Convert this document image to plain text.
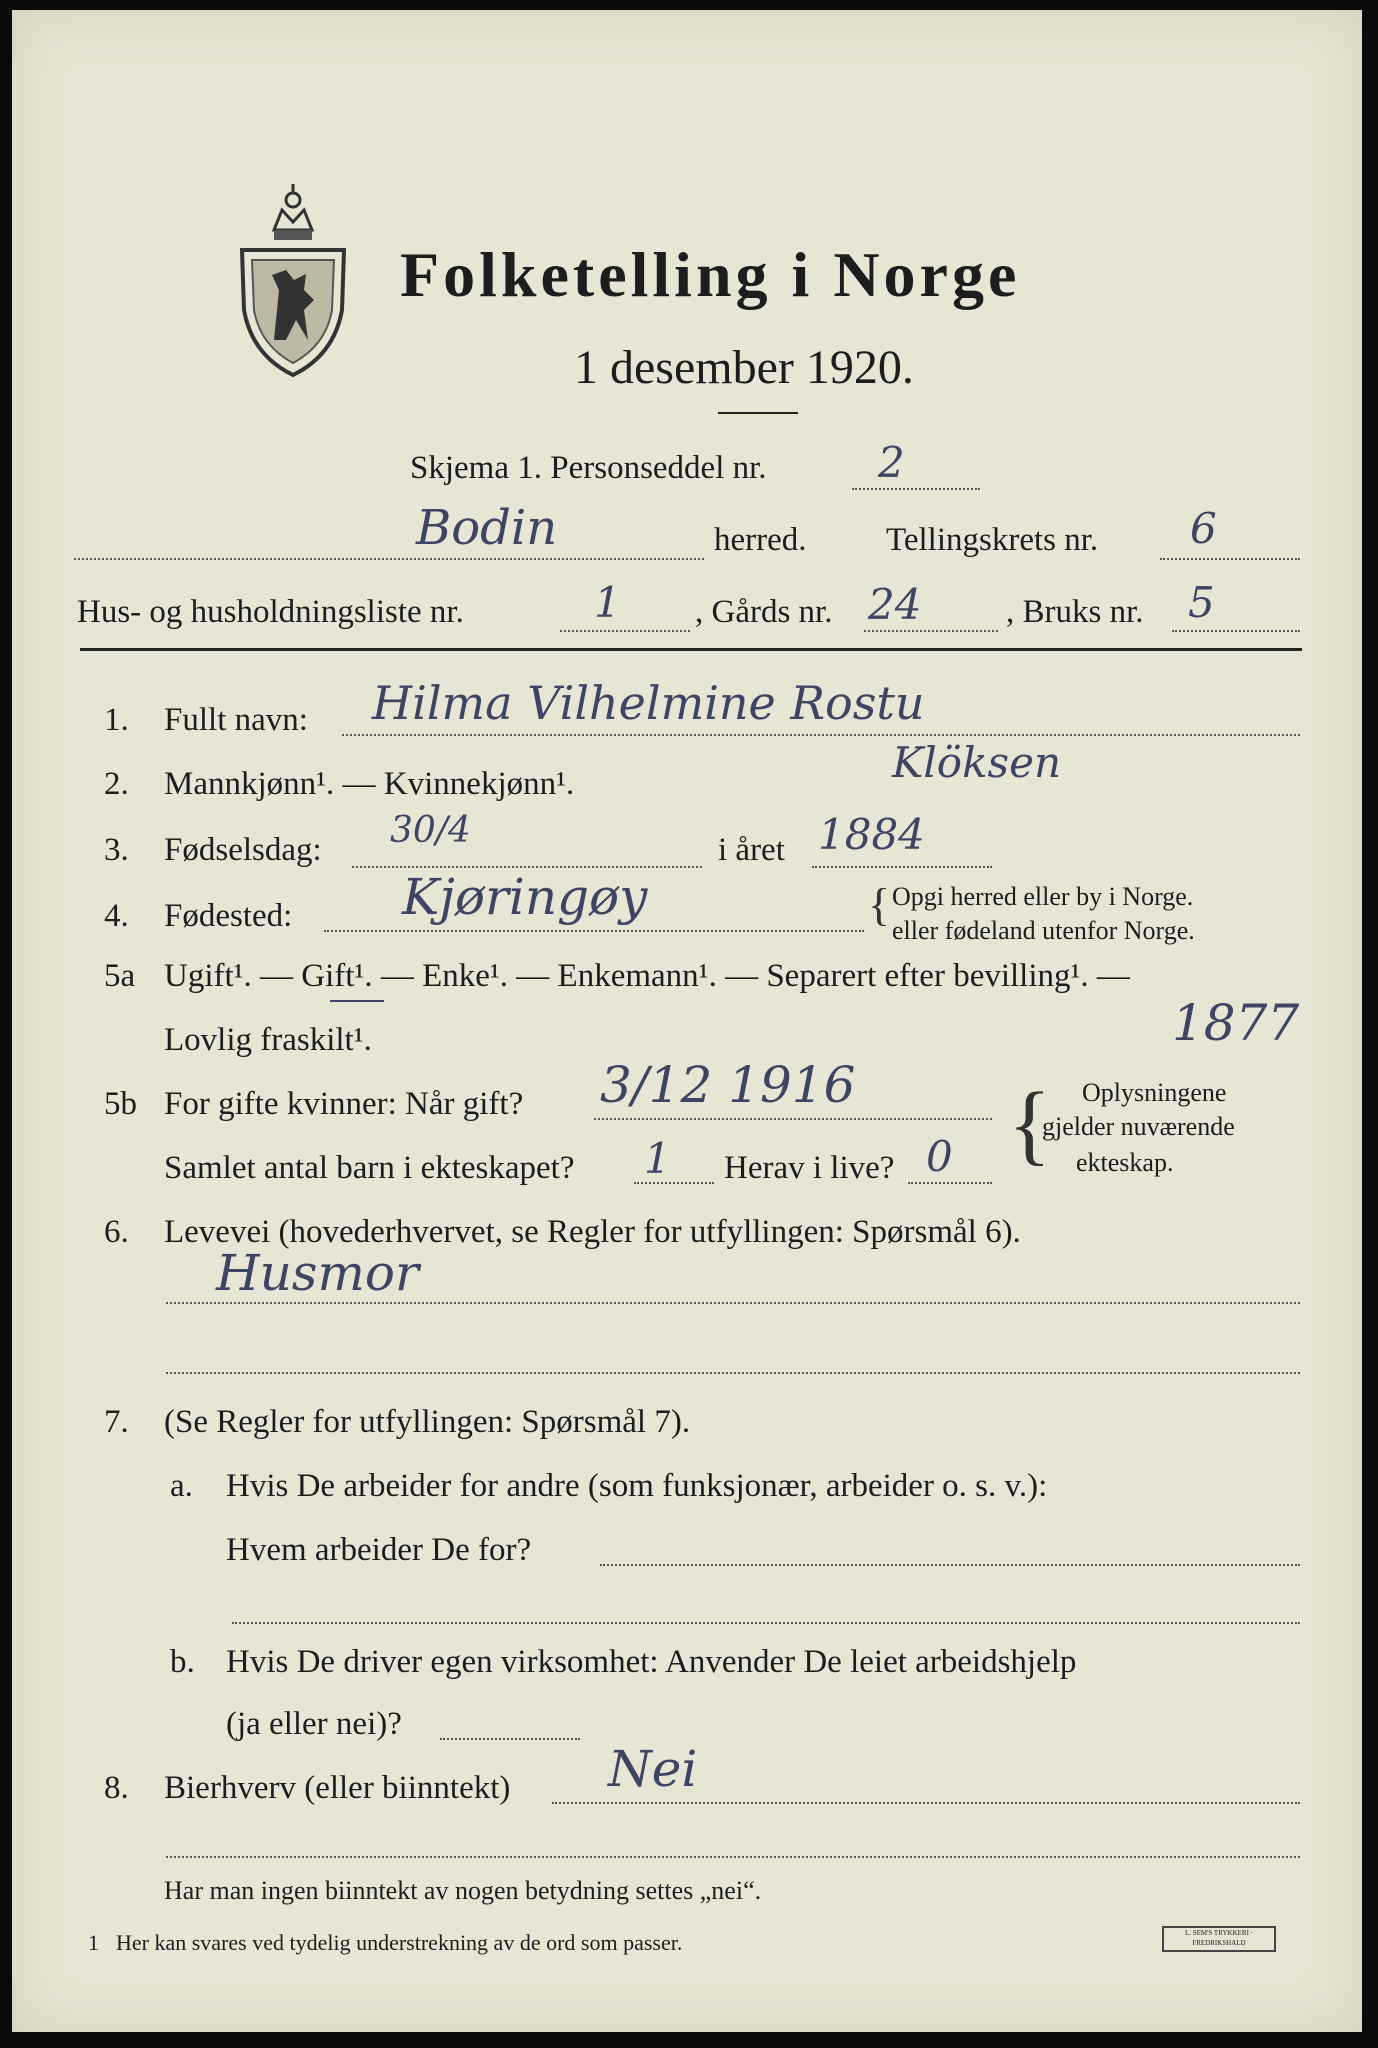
Folketelling i Norge
1 desember 1920.
Skjema 1. Personseddel nr.	2
Bodin	herred. Tellingskrets nr. 6
Hus- og husholdningsliste nr.	1 , Gårds nr. 24	, Bruks nr. 5
1. Fullt navn: Hilma Vilhelmine Rostu
2. Mannkjønn¹. — Kvinnekjønn¹.	Klöksen
3. Fødselsdag: 30/4	i året 1884
4. Fødested: Kjøringøy	{ Opgi herred eller by i Norge.
eller fødeland utenfor Norge.
5a Ugift¹. — Gift¹. — Enke¹. — Enkemann¹. — Separert efter bevilling¹. —
Lovlig fraskilt¹.	1877
5b For gifte kvinner: Når gift? 3/12 1916
Samlet antal barn i ekteskapet? 1 Herav i live? 0 { Oplysningene
gjelder nuværende
ekteskap.
6. Levevei (hovederhvervet, se Regler for utfyllingen: Spørsmål 6).
Husmor
7. (Se Regler for utfyllingen: Spørsmål 7).
a. Hvis De arbeider for andre (som funksjonær, arbeider o. s. v.):
Hvem arbeider De for?
b. Hvis De driver egen virksomhet: Anvender De leiet arbeidshjelp
(ja eller nei)?
8. Bierhverv (eller biinntekt) Nei
Har man ingen biinntekt av nogen betydning settes „nei“.
1 Her kan svares ved tydelig understrekning av de ord som passer.	L. SEM'S TRYKKERI · FREDRIKSHALD
